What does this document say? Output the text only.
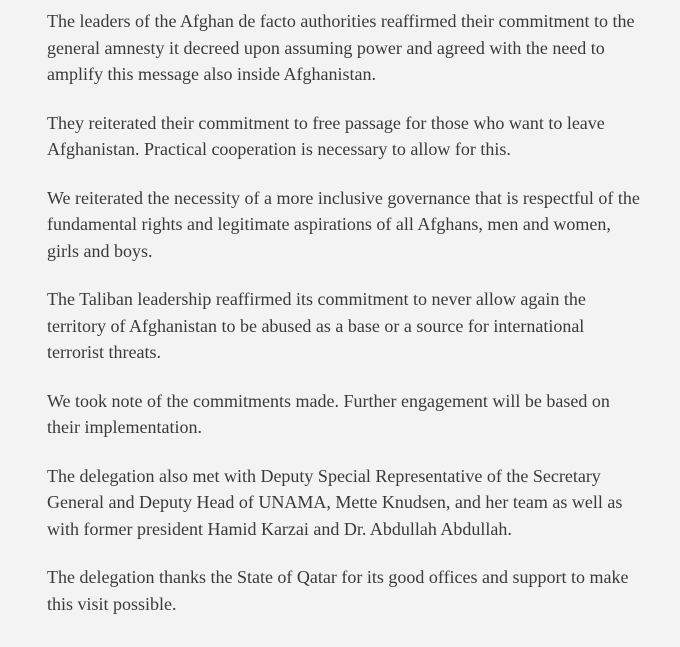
The leaders of the Afghan de facto authorities reaffirmed their commitment to the general amnesty it decreed upon assuming power and agreed with the need to amplify this message also inside Afghanistan.

They reiterated their commitment to free passage for those who want to leave Afghanistan. Practical cooperation is necessary to allow for this.

We reiterated the necessity of a more inclusive governance that is respectful of the fundamental rights and legitimate aspirations of all Afghans, men and women, girls and boys.

The Taliban leadership reaffirmed its commitment to never allow again the territory of Afghanistan to be abused as a base or a source for international terrorist threats.

We took note of the commitments made. Further engagement will be based on their implementation.

The delegation also met with Deputy Special Representative of the Secretary General and Deputy Head of UNAMA, Mette Knudsen, and her team as well as with former president Hamid Karzai and Dr. Abdullah Abdullah.

The delegation thanks the State of Qatar for its good offices and support to make this visit possible.
